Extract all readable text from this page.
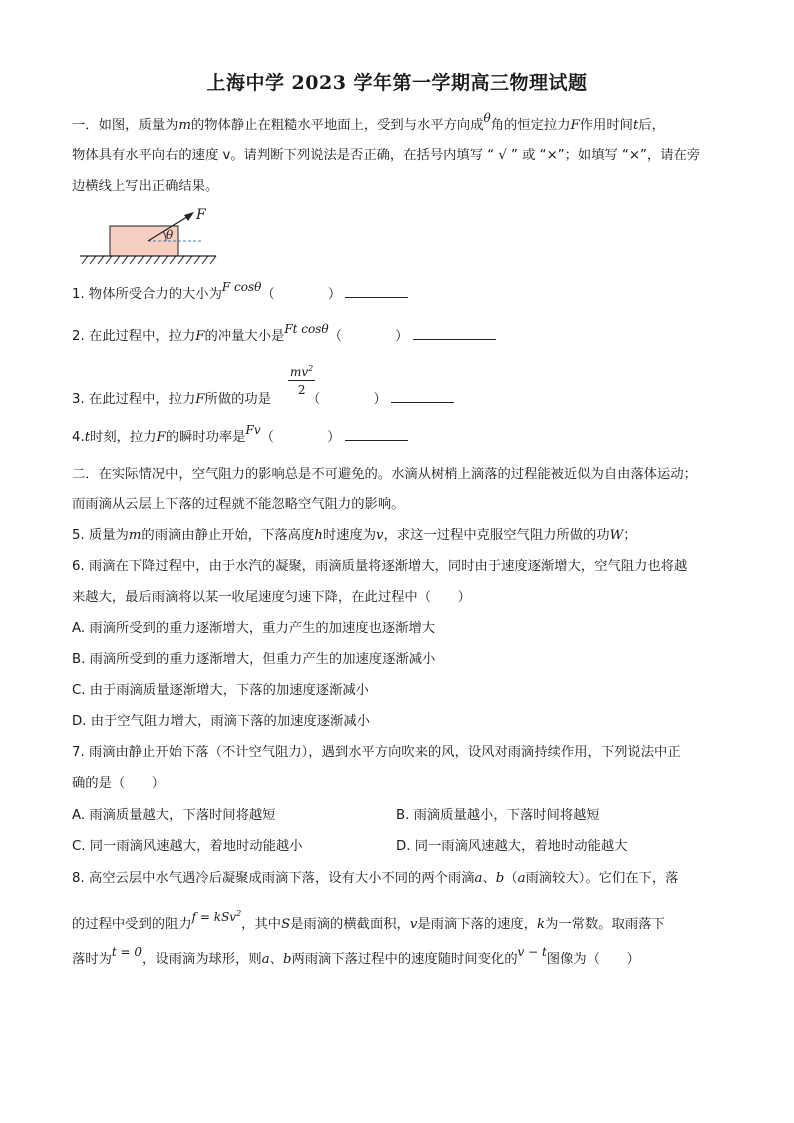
上海中学 2023 学年第一学期高三物理试题
一．如图，质量为m的物体静止在粗糙水平地面上，受到与水平方向成θ角的恒定拉力F作用时间t后，
物体具有水平向右的速度 v。请判断下列说法是否正确，在括号内填写 “ √ ” 或 “×”；如填写 “×”，请在旁
边横线上写出正确结果。
F
θ
1. 物体所受合力的大小为F cosθ（　　　　）
2. 在此过程中，拉力F的冲量大小是Ft cosθ（　　　　）
$\frac{mv^2}{2}$
3. 在此过程中，拉力F所做的功是	（　　　　）
4.t时刻，拉力F的瞬时功率是Fv（　　　　）
二．在实际情况中，空气阻力的影响总是不可避免的。水滴从树梢上滴落的过程能被近似为自由落体运动；
而雨滴从云层上下落的过程就不能忽略空气阻力的影响。
5. 质量为m的雨滴由静止开始，下落高度h时速度为v，求这一过程中克服空气阻力所做的功W；
6. 雨滴在下降过程中，由于水汽的凝聚，雨滴质量将逐渐增大，同时由于速度逐渐增大，空气阻力也将越
来越大，最后雨滴将以某一收尾速度匀速下降，在此过程中（　　）
A. 雨滴所受到的重力逐渐增大，重力产生的加速度也逐渐增大
B. 雨滴所受到的重力逐渐增大，但重力产生的加速度逐渐减小
C. 由于雨滴质量逐渐增大，下落的加速度逐渐减小
D. 由于空气阻力增大，雨滴下落的加速度逐渐减小
7. 雨滴由静止开始下落（不计空气阻力），遇到水平方向吹来的风，设风对雨滴持续作用，下列说法中正
确的是（　　）
A. 雨滴质量越大，下落时间将越短	B. 雨滴质量越小，下落时间将越短
C. 同一雨滴风速越大，着地时动能越小	D. 同一雨滴风速越大，着地时动能越大
8. 高空云层中水气遇冷后凝聚成雨滴下落，设有大小不同的两个雨滴a、b（a雨滴较大）。它们在下，落
的过程中受到的阻力f = kSv$^2$，其中S是雨滴的横截面积，v是雨滴下落的速度，k为一常数。取雨落下
落时为t = 0，设雨滴为球形，则a、b两雨滴下落过程中的速度随时间变化的v − t图像为（　　）
